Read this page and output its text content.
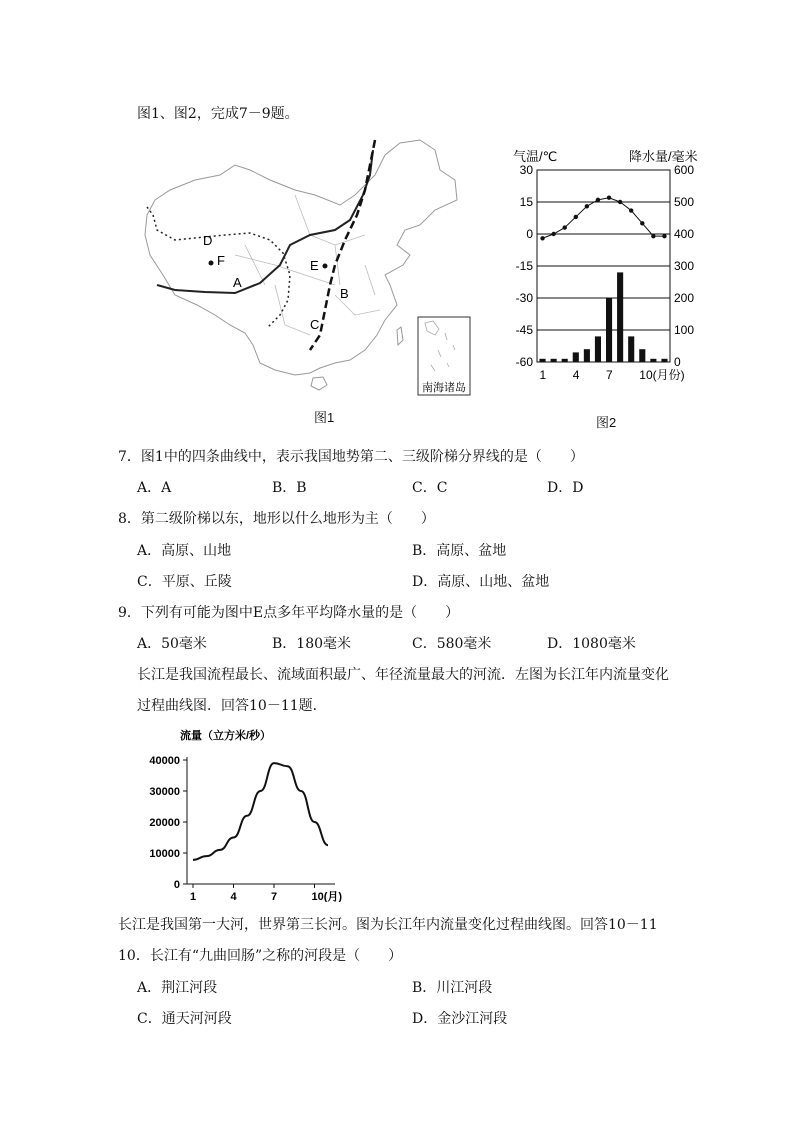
图1、图2，完成7－9题。
A
B
C
D
E
F
南海诸岛
图1
气温/℃	降水量/毫米
30
15
0
-15
-30
-45
-60
600
500
400
300
200
100
0
1 4 7 10(月份)
图2
7．图1中的四条曲线中，表示我国地势第二、三级阶梯分界线的是（　　）
A．A	B．B	C．C	D．D
8．第二级阶梯以东，地形以什么地形为主（　　）
A．高原、山地	B．高原、盆地
C．平原、丘陵	D．高原、山地、盆地
9．下列有可能为图中E点多年平均降水量的是（　　）
A．50毫米	B．180毫米	C．580毫米	D．1080毫米
长江是我国流程最长、流域面积最广、年径流量最大的河流．左图为长江年内流量变化
过程曲线图．回答10－11题．
流量（立方米/秒）
40000
30000
20000
10000
0
1	4	7	10(月)
长江是我国第一大河，世界第三长河。图为长江年内流量变化过程曲线图。回答10－11
10．长江有“九曲回肠”之称的河段是（　　）
A．荆江河段	B．川江河段
C．通天河河段	D．金沙江河段
